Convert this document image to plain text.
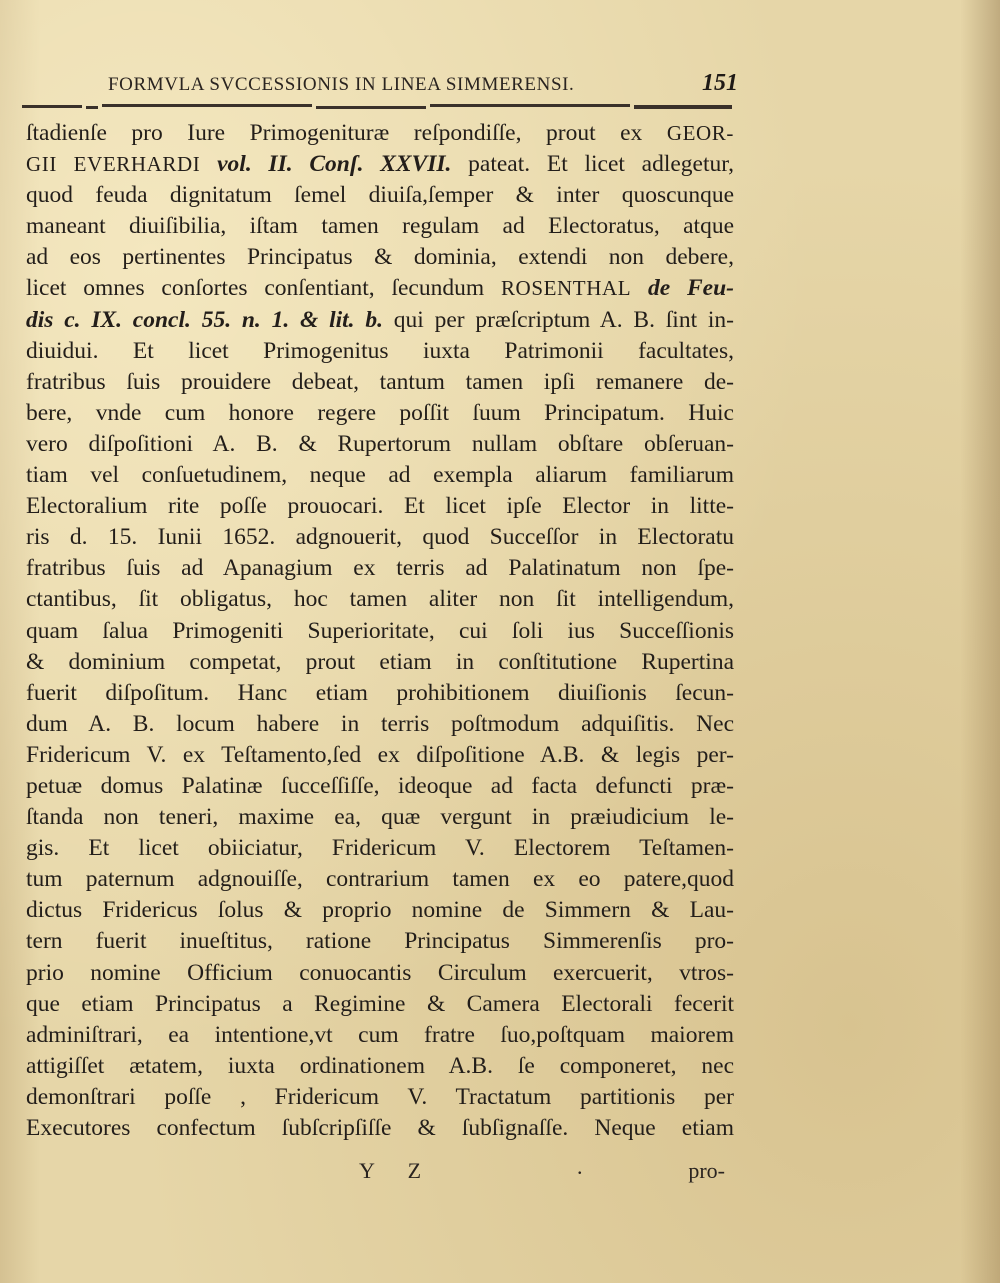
FORMVLA SVCCESSIONIS IN LINEA SIMMERENSI.	151
ſtadienſe pro Iure Primogenituræ reſpondiſſe, prout ex GEOR-
GII EVERHARDI vol. II. Conſ. XXVII. pateat. Et licet adlegetur,
quod feuda dignitatum ſemel diuiſa,ſemper & inter quoscunque
maneant diuiſibilia, iſtam tamen regulam ad Electoratus, atque
ad eos pertinentes Principatus & dominia, extendi non debere,
licet omnes conſortes conſentiant, ſecundum ROSENTHAL de Feu-
dis c. IX. concl. 55. n. 1. & lit. b. qui per præſcriptum A. B. ſint in-
diuidui. Et licet Primogenitus iuxta Patrimonii facultates,
fratribus ſuis prouidere debeat, tantum tamen ipſi remanere de-
bere, vnde cum honore regere poſſit ſuum Principatum. Huic
vero diſpoſitioni A. B. & Rupertorum nullam obſtare obſeruan-
tiam vel conſuetudinem, neque ad exempla aliarum familiarum
Electoralium rite poſſe prouocari. Et licet ipſe Elector in litte-
ris d. 15. Iunii 1652. adgnouerit, quod Succeſſor in Electoratu
fratribus ſuis ad Apanagium ex terris ad Palatinatum non ſpe-
ctantibus, ſit obligatus, hoc tamen aliter non ſit intelligendum,
quam ſalua Primogeniti Superioritate, cui ſoli ius Succeſſionis
& dominium competat, prout etiam in conſtitutione Rupertina
fuerit diſpoſitum. Hanc etiam prohibitionem diuiſionis ſecun-
dum A. B. locum habere in terris poſtmodum adquiſitis. Nec
Fridericum V. ex Teſtamento,ſed ex diſpoſitione A.B. & legis per-
petuæ domus Palatinæ ſucceſſiſſe, ideoque ad facta defuncti præ-
ſtanda non teneri, maxime ea, quæ vergunt in præiudicium le-
gis. Et licet obiiciatur, Fridericum V. Electorem Teſtamen-
tum paternum adgnouiſſe, contrarium tamen ex eo patere,quod
dictus Fridericus ſolus & proprio nomine de Simmern & Lau-
tern fuerit inueſtitus, ratione Principatus Simmerenſis pro-
prio nomine Officium conuocantis Circulum exercuerit, vtros-
que etiam Principatus a Regimine & Camera Electorali fecerit
adminiſtrari, ea intentione,vt cum fratre ſuo,poſtquam maiorem
attigiſſet ætatem, iuxta ordinationem A.B. ſe componeret, nec
demonſtrari poſſe , Fridericum V. Tractatum partitionis per
Executores confectum ſubſcripſiſſe & ſubſignaſſe. Neque etiam
Y Z	.	pro-
